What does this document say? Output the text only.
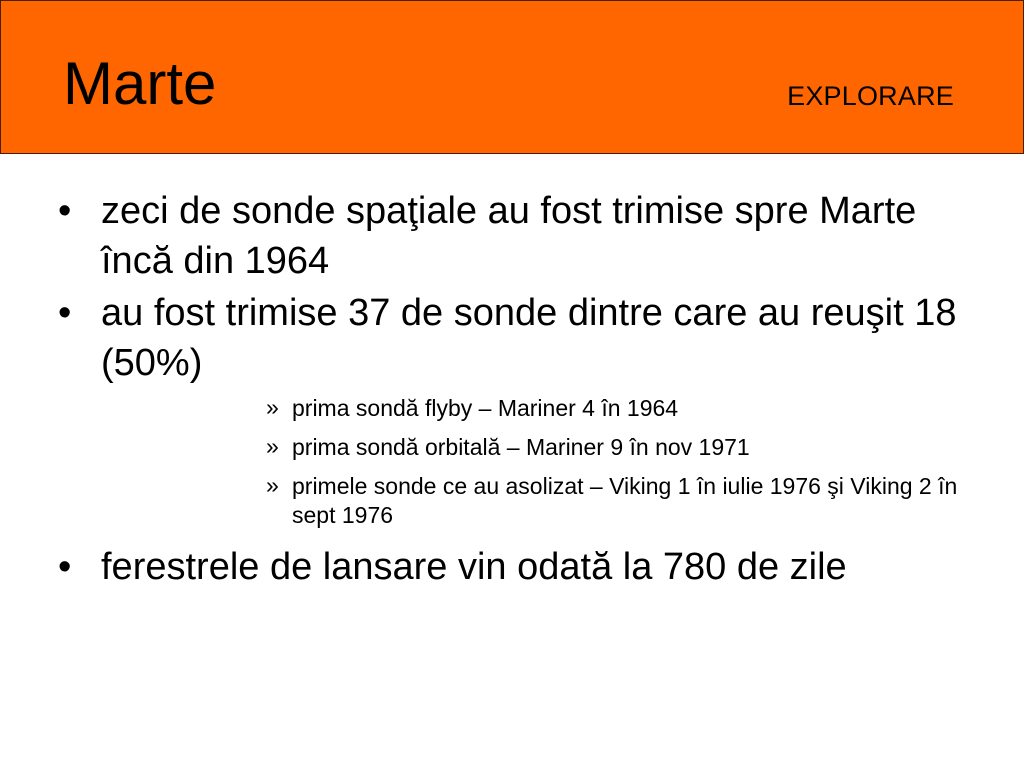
Marte	EXPLORARE
• zeci de sonde spaţiale au fost trimise spre Marte încă din 1964
• au fost trimise 37 de sonde dintre care au reuşit 18 (50%)
» prima sondă flyby – Mariner 4 în 1964
» prima sondă orbitală – Mariner 9 în nov 1971
» primele sonde ce au asolizat – Viking 1 în iulie 1976 şi Viking 2 în sept 1976
• ferestrele de lansare vin odată la 780 de zile
